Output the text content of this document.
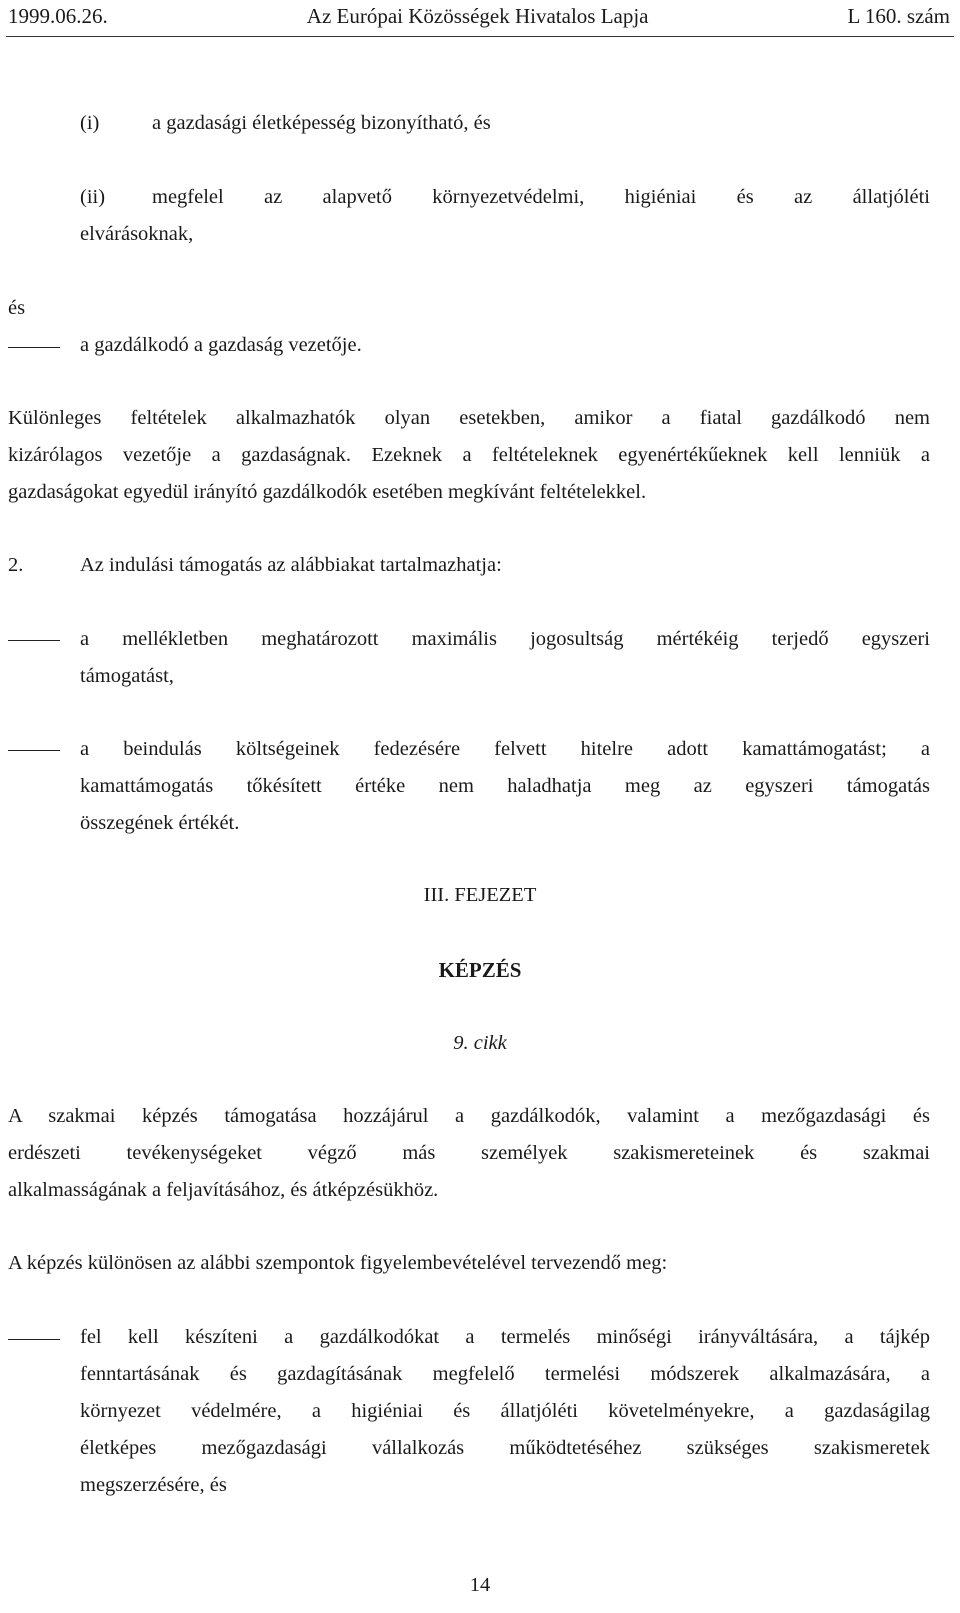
1999.06.26.	Az Európai Közösségek Hivatalos Lapja	L 160. szám
(i)	a gazdasági életképesség bizonyítható, és
(ii) megfelel az alapvető környezetvédelmi, higiéniai és az állatjóléti
elvárásoknak,
és
a gazdálkodó a gazdaság vezetője.
Különleges feltételek alkalmazhatók olyan esetekben, amikor a fiatal gazdálkodó nem
kizárólagos vezetője a gazdaságnak. Ezeknek a feltételeknek egyenértékűeknek kell lenniük a
gazdaságokat egyedül irányító gazdálkodók esetében megkívánt feltételekkel.
2.	Az indulási támogatás az alábbiakat tartalmazhatja:
a mellékletben meghatározott maximális jogosultság mértékéig terjedő egyszeri
támogatást,
a beindulás költségeinek fedezésére felvett hitelre adott kamattámogatást; a
kamattámogatás tőkésített értéke nem haladhatja meg az egyszeri támogatás
összegének értékét.
III. FEJEZET
KÉPZÉS
9. cikk
A szakmai képzés támogatása hozzájárul a gazdálkodók, valamint a mezőgazdasági és
erdészeti tevékenységeket végző más személyek szakismereteinek és szakmai
alkalmasságának a feljavításához, és átképzésükhöz.
A képzés különösen az alábbi szempontok figyelembevételével tervezendő meg:
fel kell készíteni a gazdálkodókat a termelés minőségi irányváltására, a tájkép
fenntartásának és gazdagításának megfelelő termelési módszerek alkalmazására, a
környezet védelmére, a higiéniai és állatjóléti követelményekre, a gazdaságilag
életképes mezőgazdasági vállalkozás működtetéséhez szükséges szakismeretek
megszerzésére, és
14
